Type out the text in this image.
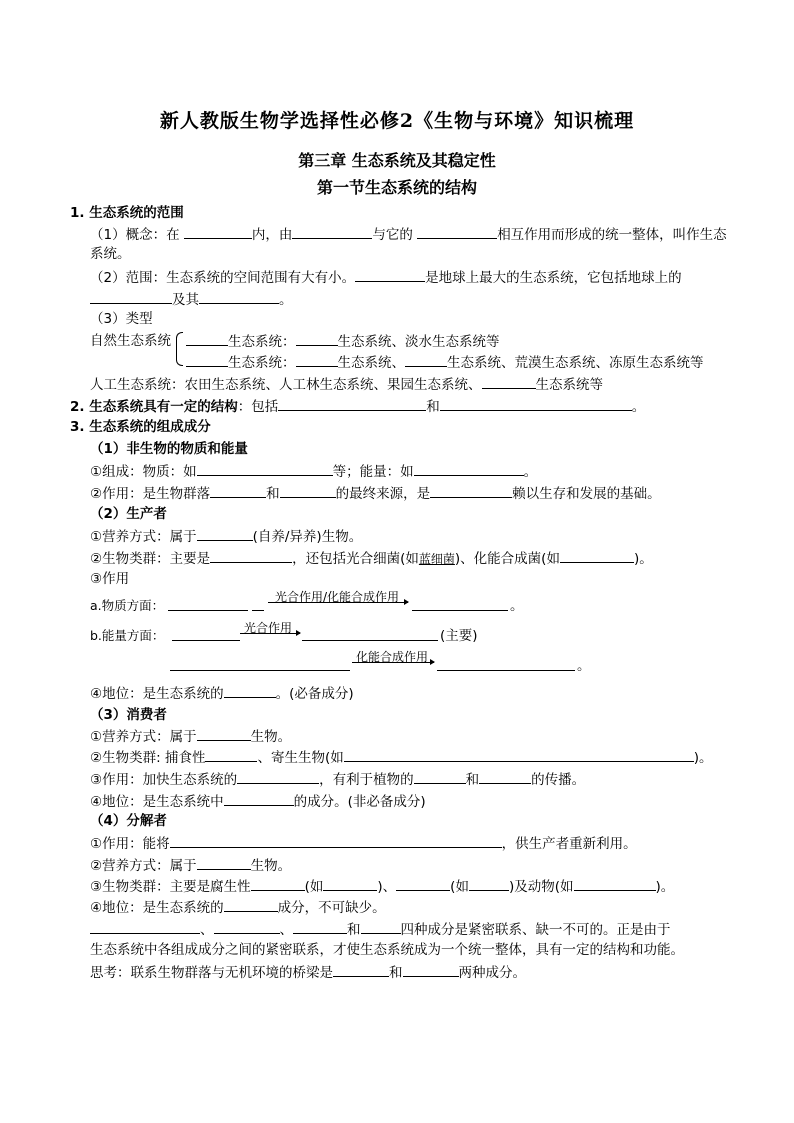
新人教版生物学选择性必修2《生物与环境》知识梳理
第三章 生态系统及其稳定性
第一节生态系统的结构
1. 生态系统的范围
（1）概念：在	内，由	与它的	相互作用而形成的统一整体，叫作生态
系统。
（2）范围：生态系统的空间范围有大有小。	是地球上最大的生态系统，它包括地球上的
及其	。
（3）类型
自然生态系统	生态系统：	生态系统、淡水生态系统等
生态系统：	生态系统、	生态系统、荒漠生态系统、冻原生态系统等
人工生态系统：农田生态系统、人工林生态系统、果园生态系统、	生态系统等
2. 生态系统具有一定的结构：包括	和	。
3. 生态系统的组成成分
（1）非生物的物质和能量
①组成：物质：如	等；能量：如	。
②作用：是生物群落	和	的最终来源，是	赖以生存和发展的基础。
（2）生产者
①营养方式：属于	(自养/异养)生物。
②生物类群：主要是	，还包括光合细菌(如蓝细菌)、化能合成菌(如	)。
③作用
a.物质方面：
光合作用/化能合成作用
。
b.能量方面：	光合作用	(主要)
化能合成作用
。
④地位：是生态系统的	。(必备成分)
（3）消费者
①营养方式：属于	生物。
②生物类群: 捕食性	、寄生生物(如	)。
③作用：加快生态系统的	，有利于植物的	和	的传播。
④地位：是生态系统中	的成分。(非必备成分)
（4）分解者
①作用：能将	，供生产者重新利用。
②营养方式：属于	生物。
③生物类群：主要是腐生性	(如	)、	(如	)及动物(如	)。
④地位：是生态系统的	成分，不可缺少。
、	、	和	四种成分是紧密联系、缺一不可的。正是由于
生态系统中各组成成分之间的紧密联系，才使生态系统成为一个统一整体，具有一定的结构和功能。
思考：联系生物群落与无机环境的桥梁是	和	两种成分。
